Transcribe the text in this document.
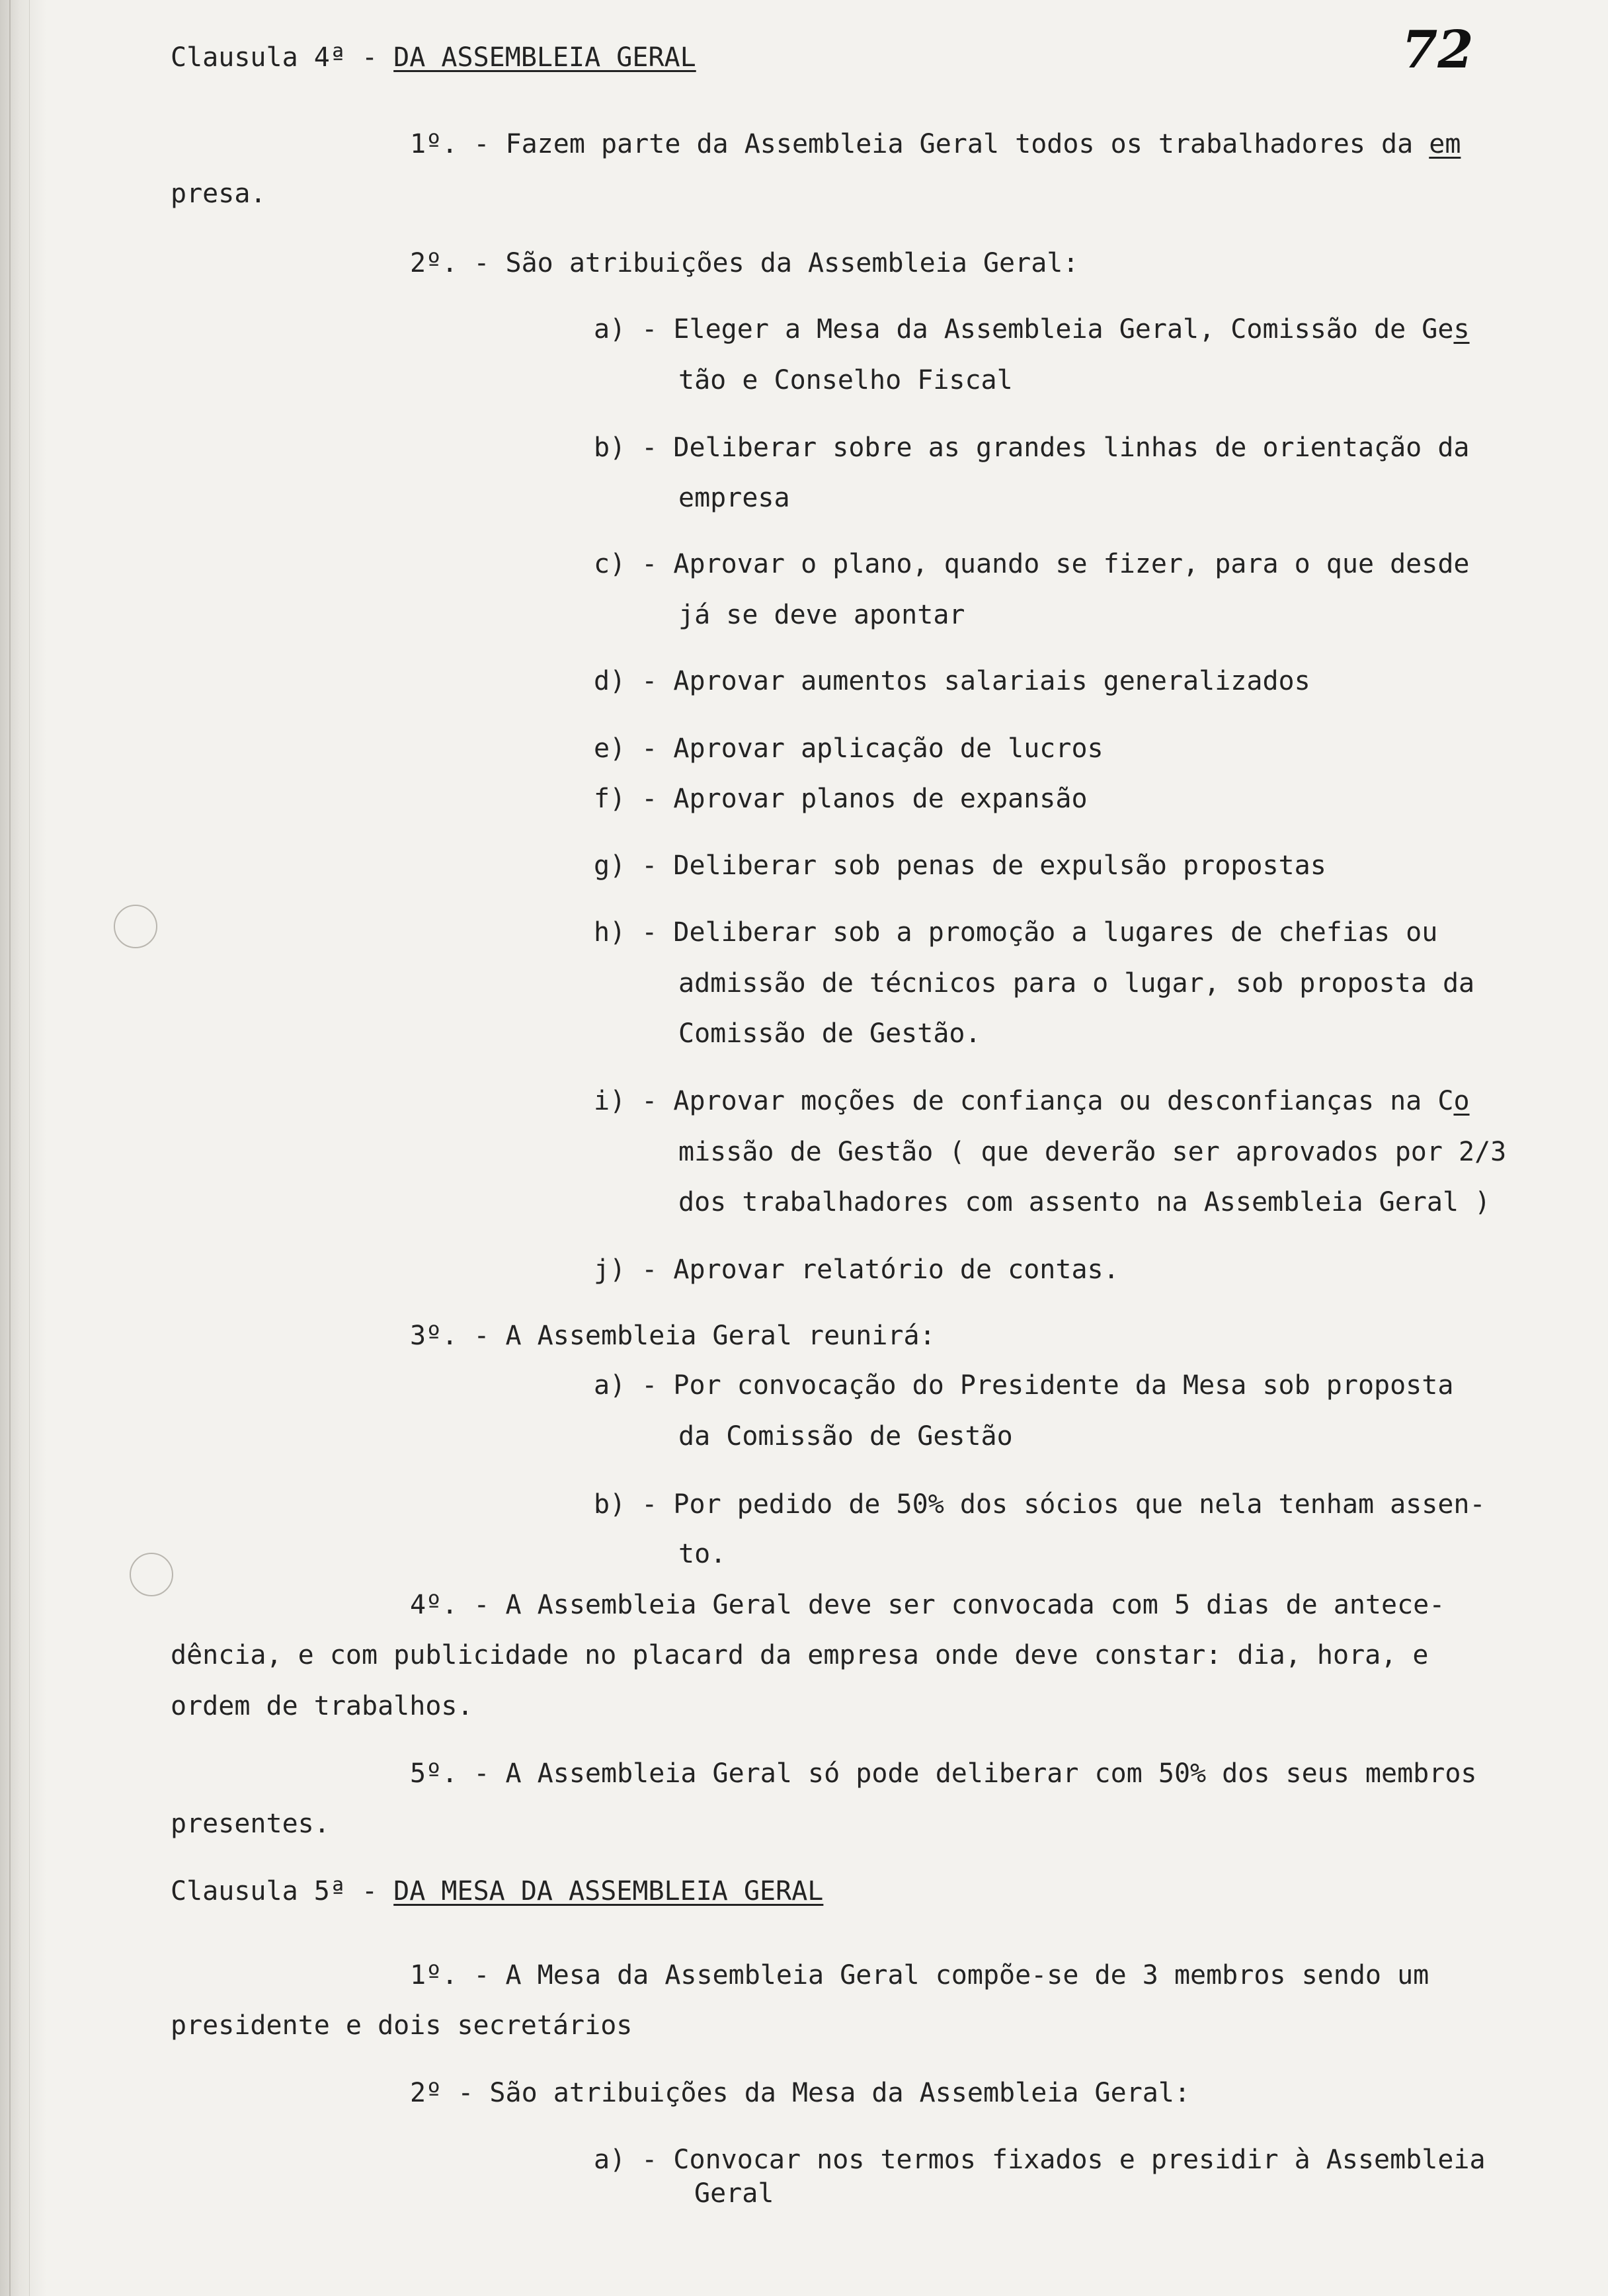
72
Clausula 4ª - DA ASSEMBLEIA GERAL
1º. - Fazem parte da Assembleia Geral todos os trabalhadores da em
presa.
2º. - São atribuições da Assembleia Geral:
a) - Eleger a Mesa da Assembleia Geral, Comissão de Ges
tão e Conselho Fiscal
b) - Deliberar sobre as grandes linhas de orientação da
empresa
c) - Aprovar o plano, quando se fizer, para o que desde
já se deve apontar
d) - Aprovar aumentos salariais generalizados
e) - Aprovar aplicação de lucros
f) - Aprovar planos de expansão
g) - Deliberar sob penas de expulsão propostas
h) - Deliberar sob a promoção a lugares de chefias ou
admissão de técnicos para o lugar, sob proposta da
Comissão de Gestão.
i) - Aprovar moções de confiança ou desconfianças na Co
missão de Gestão ( que deverão ser aprovados por 2/3
dos trabalhadores com assento na Assembleia Geral )
j) - Aprovar relatório de contas.
3º. - A Assembleia Geral reunirá:
a) - Por convocação do Presidente da Mesa sob proposta
da Comissão de Gestão
b) - Por pedido de 50% dos sócios que nela tenham assen-
to.
4º. - A Assembleia Geral deve ser convocada com 5 dias de antece-
dência, e com publicidade no placard da empresa onde deve constar: dia, hora, e
ordem de trabalhos.
5º. - A Assembleia Geral só pode deliberar com 50% dos seus membros
presentes.
Clausula 5ª - DA MESA DA ASSEMBLEIA GERAL
1º. - A Mesa da Assembleia Geral compõe-se de 3 membros sendo um
presidente e dois secretários
2º - São atribuições da Mesa da Assembleia Geral:
a) - Convocar nos termos fixados e presidir à Assembleia
Geral
